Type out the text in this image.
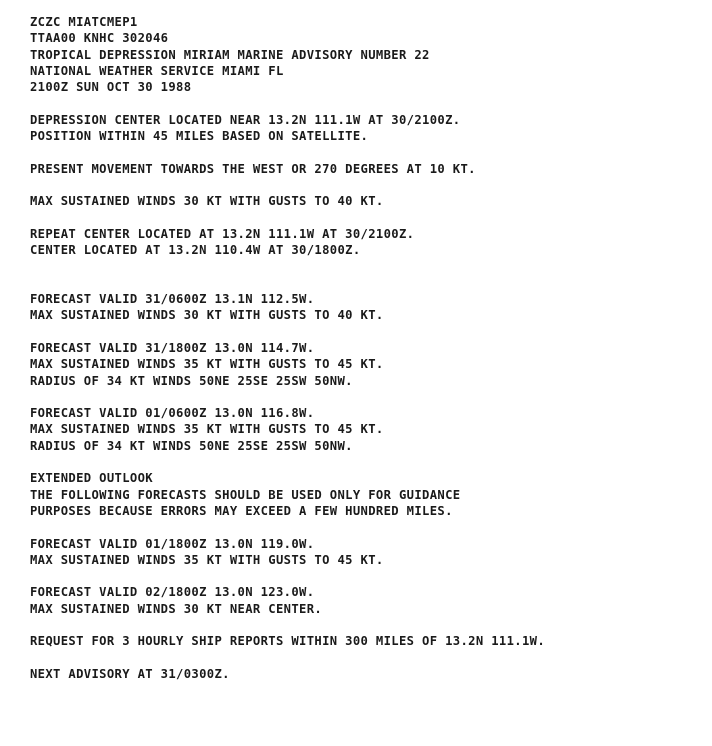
ZCZC MIATCMEP1
TTAA00 KNHC 302046
TROPICAL DEPRESSION MIRIAM MARINE ADVISORY NUMBER 22
NATIONAL WEATHER SERVICE MIAMI FL
2100Z SUN OCT 30 1988
DEPRESSION CENTER LOCATED NEAR 13.2N 111.1W AT 30/2100Z.
POSITION WITHIN 45 MILES BASED ON SATELLITE.
PRESENT MOVEMENT TOWARDS THE WEST OR 270 DEGREES AT 10 KT.
MAX SUSTAINED WINDS 30 KT WITH GUSTS TO 40 KT.
REPEAT CENTER LOCATED AT 13.2N 111.1W AT 30/2100Z.
CENTER LOCATED AT 13.2N 110.4W AT 30/1800Z.
FORECAST VALID 31/0600Z 13.1N 112.5W.
MAX SUSTAINED WINDS 30 KT WITH GUSTS TO 40 KT.
FORECAST VALID 31/1800Z 13.0N 114.7W.
MAX SUSTAINED WINDS 35 KT WITH GUSTS TO 45 KT.
RADIUS OF 34 KT WINDS 50NE 25SE 25SW 50NW.
FORECAST VALID 01/0600Z 13.0N 116.8W.
MAX SUSTAINED WINDS 35 KT WITH GUSTS TO 45 KT.
RADIUS OF 34 KT WINDS 50NE 25SE 25SW 50NW.
EXTENDED OUTLOOK
THE FOLLOWING FORECASTS SHOULD BE USED ONLY FOR GUIDANCE
PURPOSES BECAUSE ERRORS MAY EXCEED A FEW HUNDRED MILES.
FORECAST VALID 01/1800Z 13.0N 119.0W.
MAX SUSTAINED WINDS 35 KT WITH GUSTS TO 45 KT.
FORECAST VALID 02/1800Z 13.0N 123.0W.
MAX SUSTAINED WINDS 30 KT NEAR CENTER.
REQUEST FOR 3 HOURLY SHIP REPORTS WITHIN 300 MILES OF 13.2N 111.1W.
NEXT ADVISORY AT 31/0300Z.
